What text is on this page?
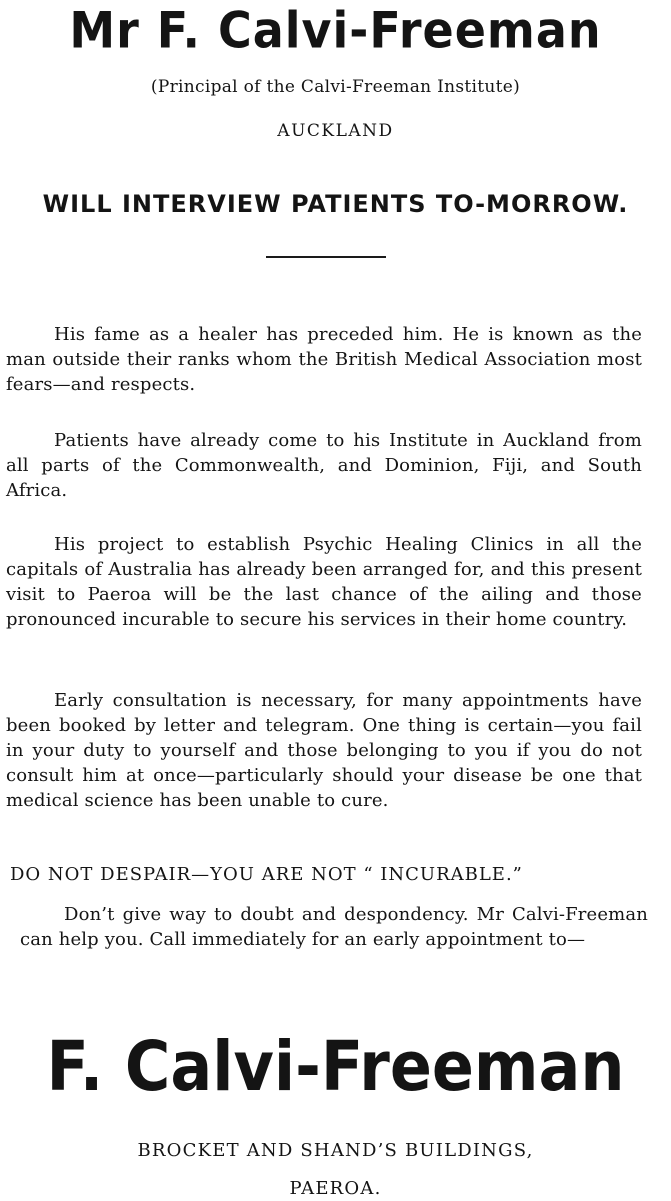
Mr F. Calvi-Freeman
(Principal of the Calvi-Freeman Institute)
AUCKLAND
WILL INTERVIEW PATIENTS TO-MORROW.

His fame as a healer has preceded him. He is known as the man outside their ranks whom the British Medical Association most fears—and respects.

Patients have already come to his Institute in Auckland from all parts of the Commonwealth, and Dominion, Fiji, and South Africa.

His project to establish Psychic Healing Clinics in all the capitals of Australia has already been arranged for, and this present visit to Paeroa will be the last chance of the ailing and those pronounced incurable to secure his services in their home country.

Early consultation is necessary, for many appointments have been booked by letter and telegram. One thing is certain—you fail in your duty to yourself and those belonging to you if you do not consult him at once—particularly should your disease be one that medical science has been unable to cure.

DO NOT DESPAIR—YOU ARE NOT “ INCURABLE.”

Don’t give way to doubt and despondency. Mr Calvi-Freeman can help you. Call immediately for an early appointment to—

F. Calvi-Freeman
BROCKET AND SHAND’S BUILDINGS,
PAEROA.
